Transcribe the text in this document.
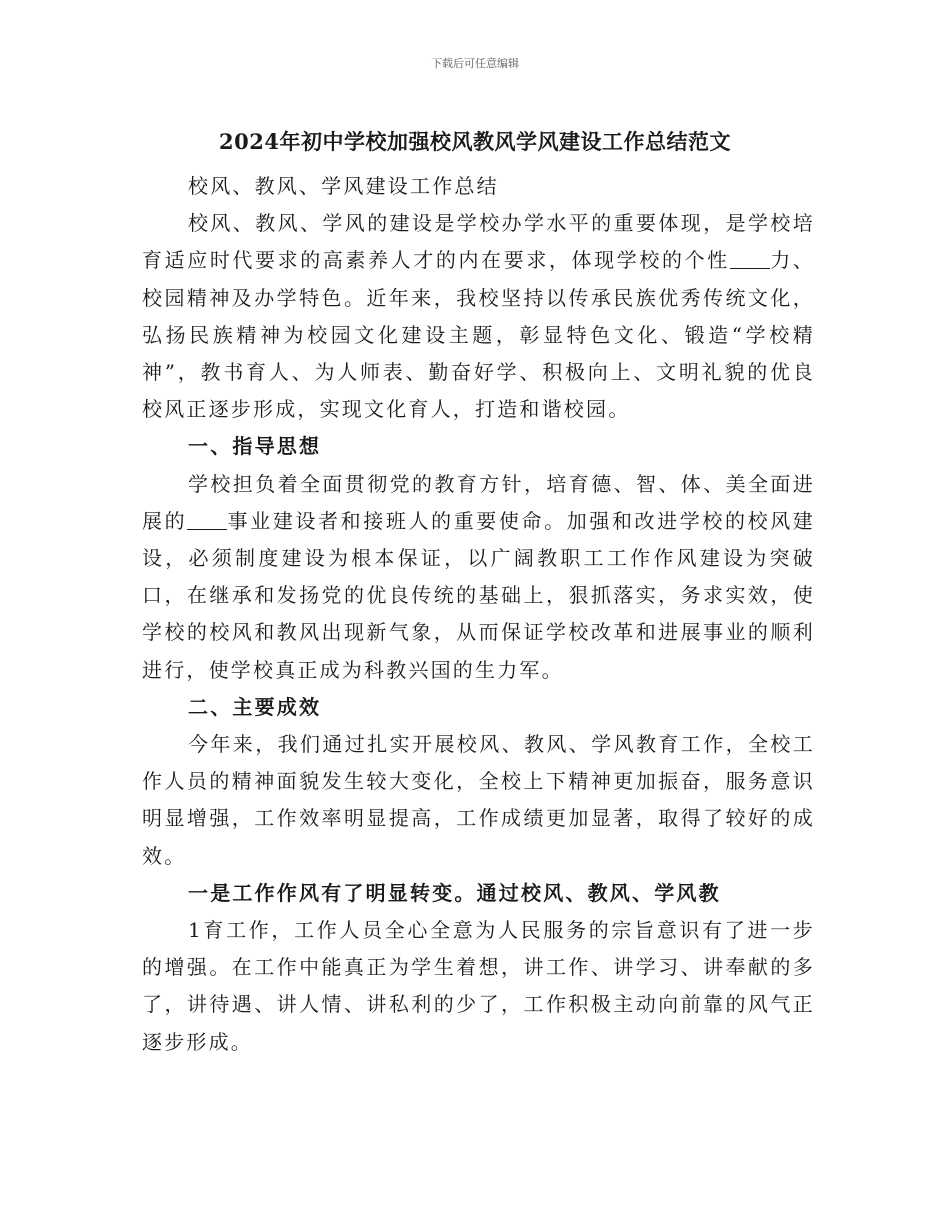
下载后可任意编辑
2024年初中学校加强校风教风学风建设工作总结范文

校风、教风、学风建设工作总结

校风、教风、学风的建设是学校办学水平的重要体现，是学校培育适应时代要求的高素养人才的内在要求，体现学校的个性 力、校园精神及办学特色。近年来，我校坚持以传承民族优秀传统文化，弘扬民族精神为校园文化建设主题，彰显特色文化、锻造“学校精神”，教书育人、为人师表、勤奋好学、积极向上、文明礼貌的优良校风正逐步形成，实现文化育人，打造和谐校园。

一、指导思想

学校担负着全面贯彻党的教育方针，培育德、智、体、美全面进展的 事业建设者和接班人的重要使命。加强和改进学校的校风建设，必须制度建设为根本保证，以广阔教职工工作作风建设为突破口，在继承和发扬党的优良传统的基础上，狠抓落实，务求实效，使学校的校风和教风出现新气象，从而保证学校改革和进展事业的顺利进行，使学校真正成为科教兴国的生力军。

二、主要成效

今年来，我们通过扎实开展校风、教风、学风教育工作，全校工作人员的精神面貌发生较大变化，全校上下精神更加振奋，服务意识明显增强，工作效率明显提高，工作成绩更加显著，取得了较好的成效。

一是工作作风有了明显转变。通过校风、教风、学风教

1育工作，工作人员全心全意为人民服务的宗旨意识有了进一步的增强。在工作中能真正为学生着想，讲工作、讲学习、讲奉献的多了，讲待遇、讲人情、讲私利的少了，工作积极主动向前靠的风气正逐步形成。
